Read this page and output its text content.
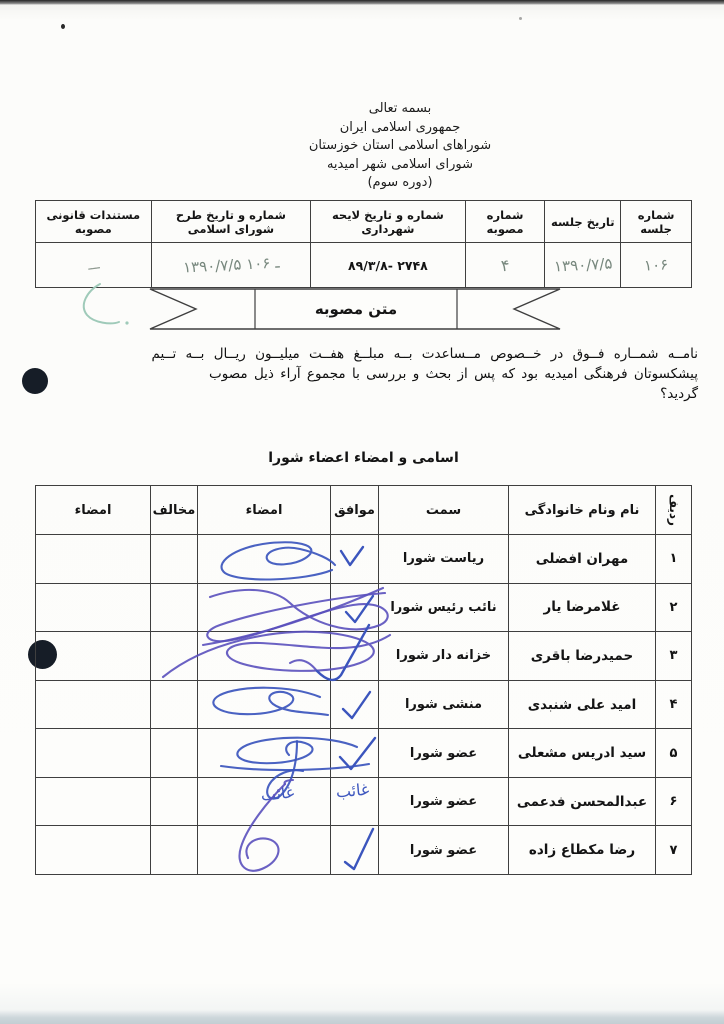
بسمه تعالی
جمهوری اسلامی ایران
شوراهای اسلامی استان خوزستان
شورای اسلامی شهر امیدیه
(دوره سوم)
شماره جلسه
تاریخ جلسه
شماره مصوبه
شماره و تاریخ لایحه شهرداری
شماره و تاریخ طرح شورای اسلامی
مستندات قانونی مصوبه
۱۰۶
۱۳۹۰/۷/۵
۴
۸۹/۳/۸- ۲۷۴۸
۱۳۹۰/۷/۵ ـ ۱۰۶
ـــ
متن مصوبه
نامــه شمــاره فــوق در خــصوص مــساعدت بــه مبلــغ هفــت میلیــون ریــال بــه تــیم
پیشکسوتان فرهنگی امیدیه بود که پس از بحث و بررسی با مجموع آراء ذیل مصوب
گردید؟
اسامی و امضاء اعضاء شورا
ردیف
نام ونام خانوادگی
سمت
موافق
امضاء
مخالف
امضاء
۱
مهران افضلی
ریاست شورا
۲
غلامرضا یار
نائب رئیس شورا
۳
حمیدرضا باقری
خزانه دار شورا
۴
امید علی شنبدی
منشی شورا
۵
سید ادریس مشعلی
عضو شورا
۶
عبدالمحسن فدعمی
عضو شورا
۷
رضا مکطاع زاده
عضو شورا
غائب
غائب
